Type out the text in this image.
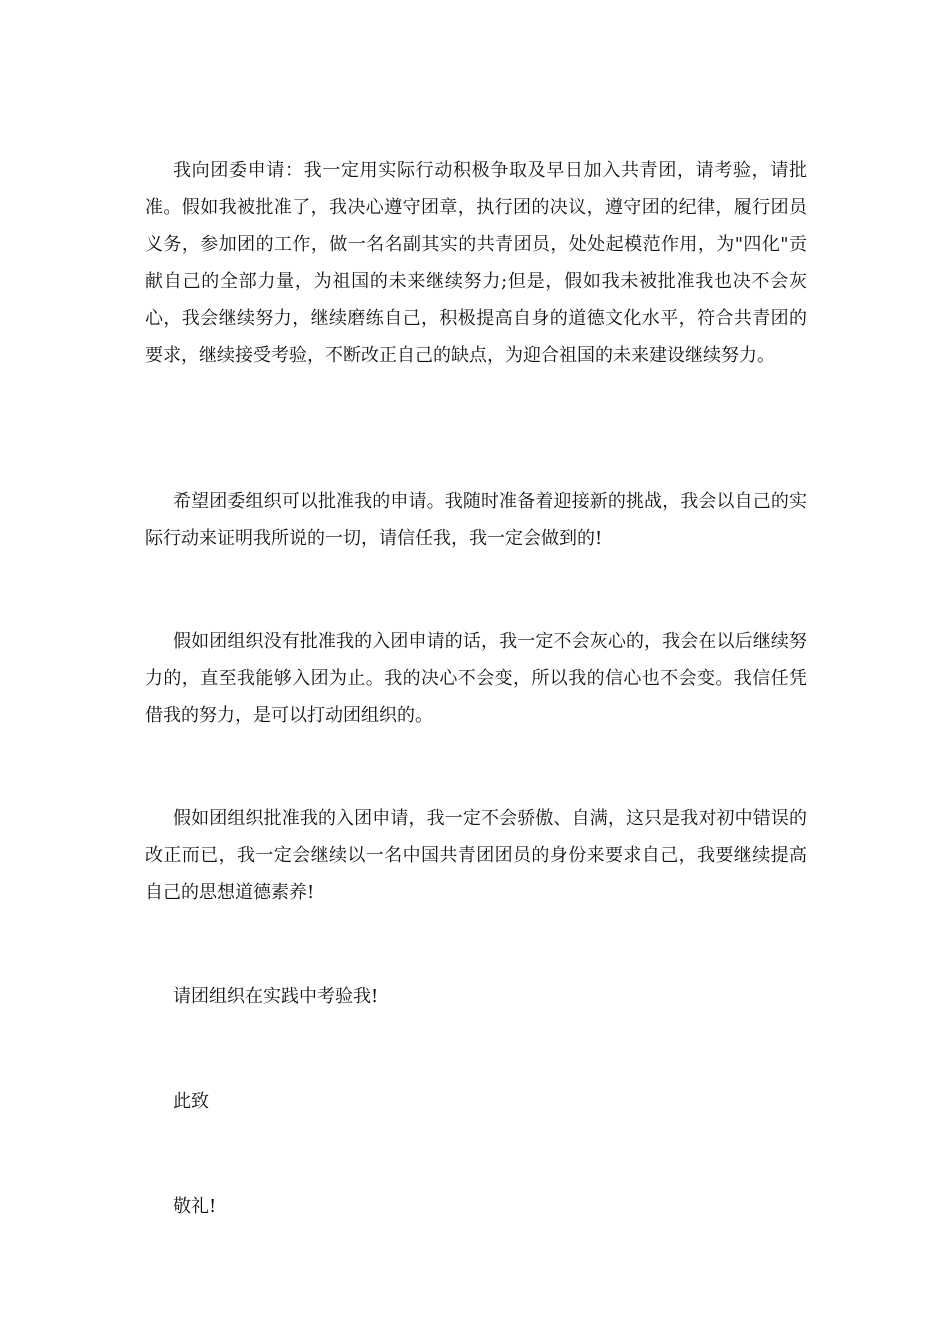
我向团委申请：我一定用实际行动积极争取及早日加入共青团，请考验，请批准。假如我被批准了，我决心遵守团章，执行团的决议，遵守团的纪律，履行团员义务，参加团的工作，做一名名副其实的共青团员，处处起模范作用，为"四化"贡献自己的全部力量，为祖国的未来继续努力;但是，假如我未被批准我也决不会灰心，我会继续努力，继续磨练自己，积极提高自身的道德文化水平，符合共青团的要求，继续接受考验，不断改正自己的缺点，为迎合祖国的未来建设继续努力。

希望团委组织可以批准我的申请。我随时准备着迎接新的挑战，我会以自己的实际行动来证明我所说的一切，请信任我，我一定会做到的!

假如团组织没有批准我的入团申请的话，我一定不会灰心的，我会在以后继续努力的，直至我能够入团为止。我的决心不会变，所以我的信心也不会变。我信任凭借我的努力，是可以打动团组织的。

假如团组织批准我的入团申请，我一定不会骄傲、自满，这只是我对初中错误的改正而已，我一定会继续以一名中国共青团团员的身份来要求自己，我要继续提高自己的思想道德素养!

请团组织在实践中考验我!

此致

敬礼!
